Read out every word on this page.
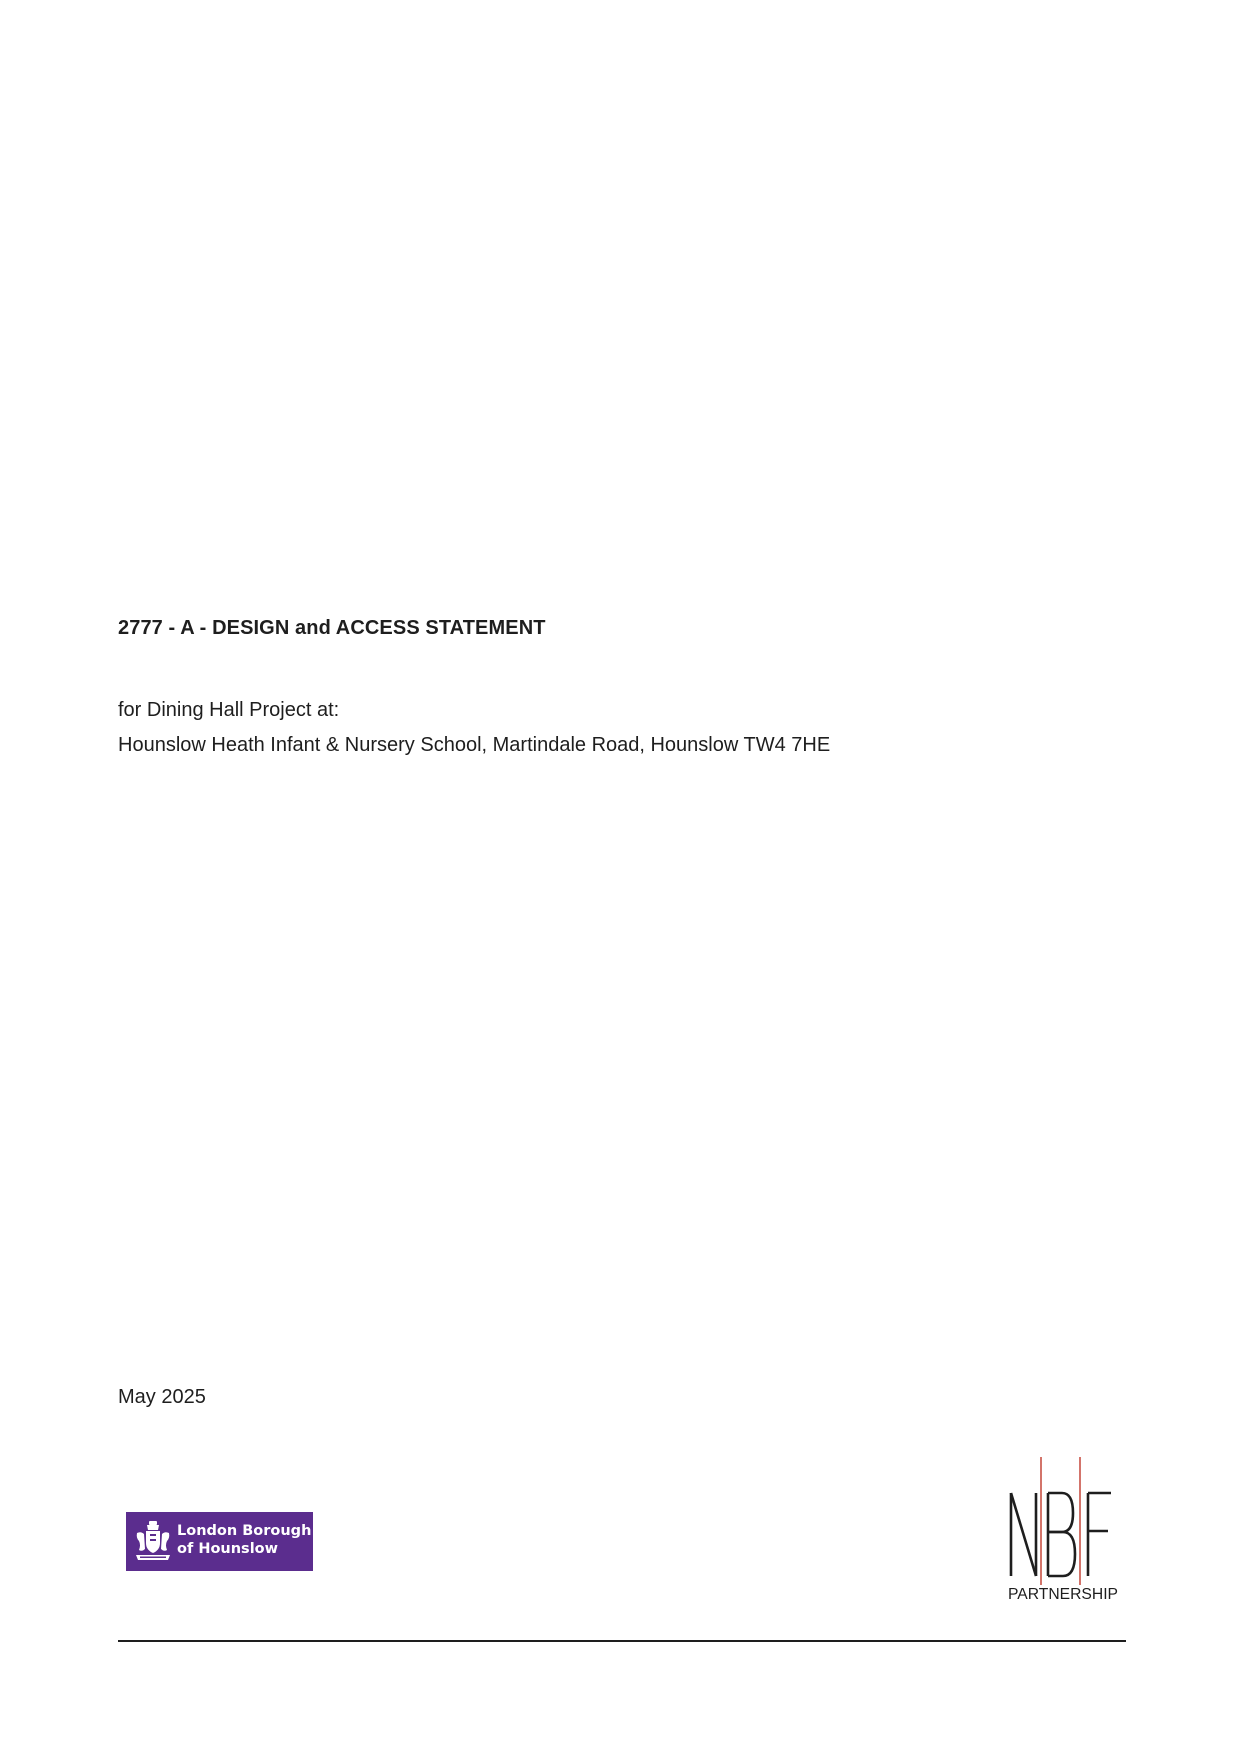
2777 - A - DESIGN and ACCESS STATEMENT
for Dining Hall Project at:
Hounslow Heath Infant & Nursery School, Martindale Road, Hounslow TW4 7HE
May 2025
London Borough
of Hounslow
PARTNERSHIP
